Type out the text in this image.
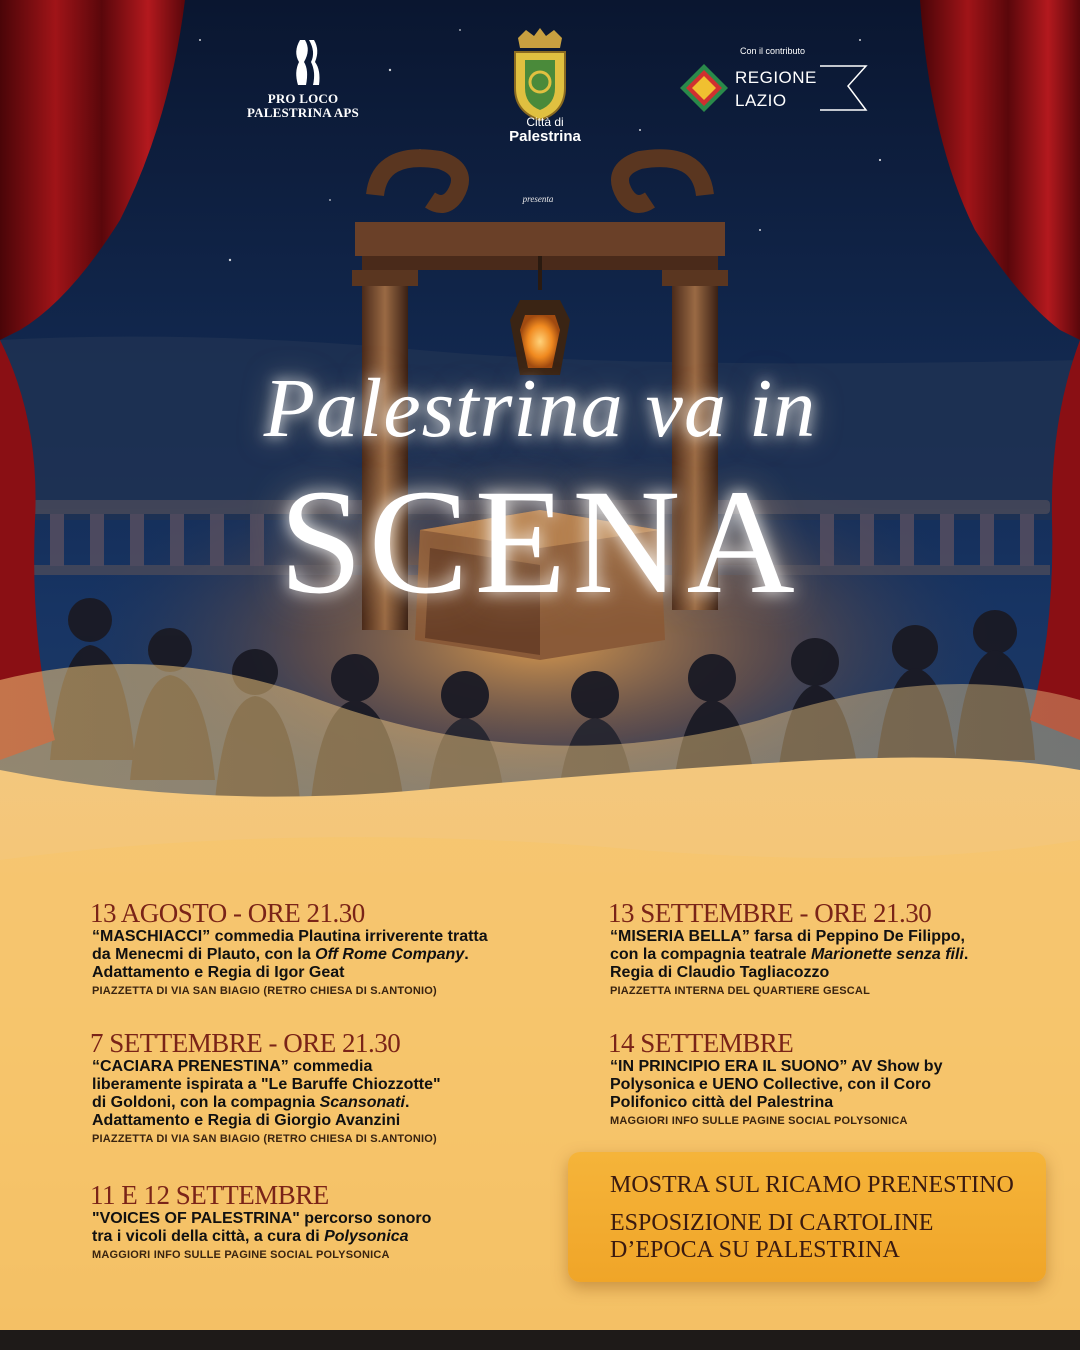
PRO LOCO PALESTRINA APS
Città di
Palestrina
Con il contributo
REGIONE
LAZIO
presenta
Palestrina va in
SCENA
13 AGOSTO - ORE 21.30
“MASCHIACCI” commedia Plautina irriverente tratta
da Menecmi di Plauto, con la Off Rome Company.
Adattamento e Regia di Igor Geat
PIAZZETTA DI VIA SAN BIAGIO (RETRO CHIESA DI S.ANTONIO)
7 SETTEMBRE - ORE 21.30
“CACIARA PRENESTINA” commedia
liberamente ispirata a "Le Baruffe Chiozzotte"
di Goldoni, con la compagnia Scansonati.
Adattamento e Regia di Giorgio Avanzini
PIAZZETTA DI VIA SAN BIAGIO (RETRO CHIESA DI S.ANTONIO)
11 E 12 SETTEMBRE
"VOICES OF PALESTRINA" percorso sonoro
tra i vicoli della città, a cura di Polysonica
MAGGIORI INFO SULLE PAGINE SOCIAL POLYSONICA
13 SETTEMBRE - ORE 21.30
“MISERIA BELLA” farsa di Peppino De Filippo,
con la compagnia teatrale Marionette senza fili.
Regia di Claudio Tagliacozzo
PIAZZETTA INTERNA DEL QUARTIERE GESCAL
14 SETTEMBRE
“IN PRINCIPIO ERA IL SUONO” AV Show by
Polysonica e UENO Collective, con il Coro
Polifonico città del Palestrina
MAGGIORI INFO SULLE PAGINE SOCIAL POLYSONICA
MOSTRA SUL RICAMO PRENESTINO
ESPOSIZIONE DI CARTOLINE
D’EPOCA SU PALESTRINA
